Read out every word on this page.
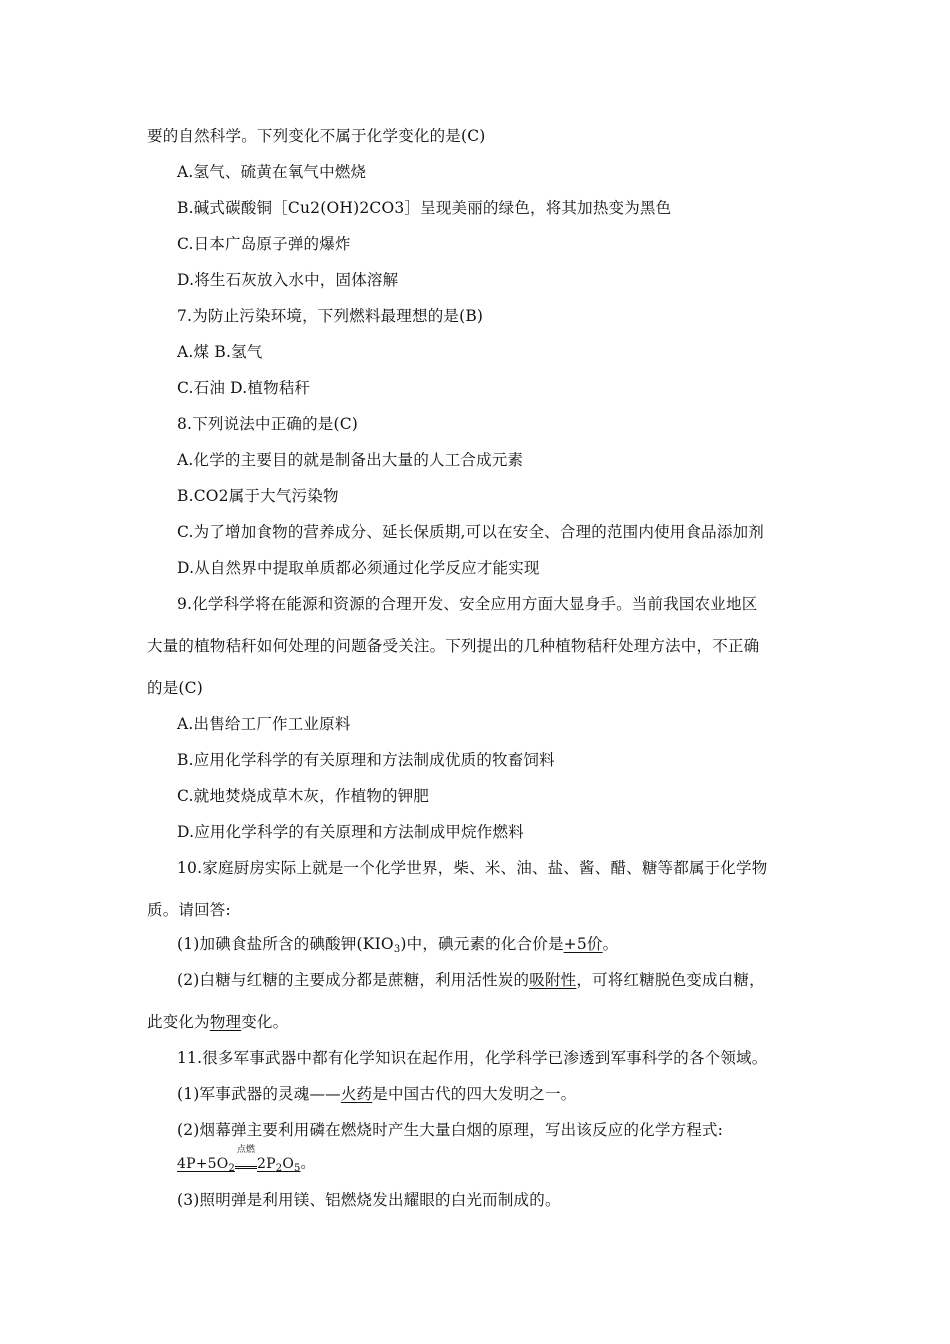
要的自然科学。下列变化不属于化学变化的是(C)
A.氢气、硫黄在氧气中燃烧
B.碱式碳酸铜［Cu2(OH)2CO3］呈现美丽的绿色，将其加热变为黑色
C.日本广岛原子弹的爆炸
D.将生石灰放入水中，固体溶解
7.为防止污染环境，下列燃料最理想的是(B)
A.煤 B.氢气
C.石油 D.植物秸秆
8.下列说法中正确的是(C)
A.化学的主要目的就是制备出大量的人工合成元素
B.CO2属于大气污染物
C.为了增加食物的营养成分、延长保质期,可以在安全、合理的范围内使用食品添加剂
D.从自然界中提取单质都必须通过化学反应才能实现
9.化学科学将在能源和资源的合理开发、安全应用方面大显身手。当前我国农业地区
大量的植物秸秆如何处理的问题备受关注。下列提出的几种植物秸秆处理方法中，不正确
的是(C)
A.出售给工厂作工业原料
B.应用化学科学的有关原理和方法制成优质的牧畜饲料
C.就地焚烧成草木灰，作植物的钾肥
D.应用化学科学的有关原理和方法制成甲烷作燃料
10.家庭厨房实际上就是一个化学世界，柴、米、油、盐、酱、醋、糖等都属于化学物
质。请回答:
(1)加碘食盐所含的碘酸钾$(KIO_3)$中，碘元素的化合价是+5价。
(2)白糖与红糖的主要成分都是蔗糖，利用活性炭的吸附性，可将红糖脱色变成白糖，
此变化为物理变化。
11.很多军事武器中都有化学知识在起作用，化学科学已渗透到军事科学的各个领域。
(1)军事武器的灵魂——火药是中国古代的四大发明之一。
(2)烟幕弹主要利用磷在燃烧时产生大量白烟的原理，写出该反应的化学方程式:
$4P+5O_2$
点燃
$2P_2O_5$。
(3)照明弹是利用镁、铝燃烧发出耀眼的白光而制成的。
